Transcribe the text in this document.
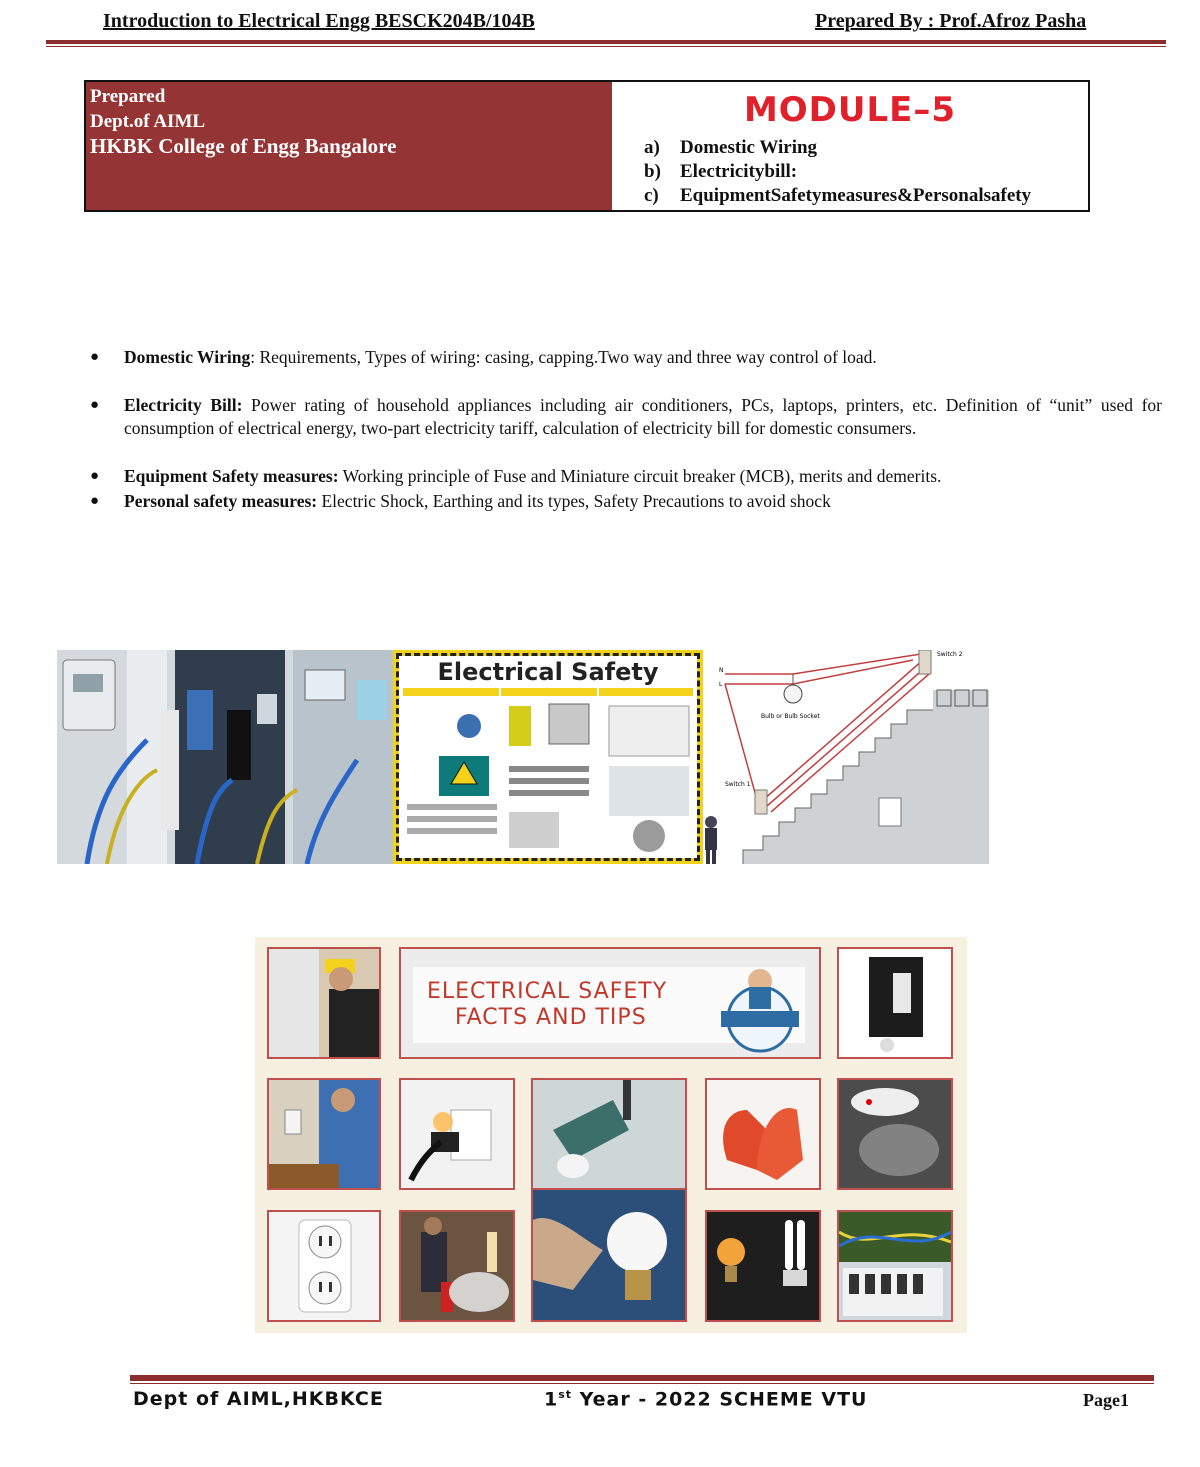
Introduction to Electrical Engg BESCK204B/104B	Prepared By : Prof.Afroz Pasha
Prepared
Dept.of AIML
HKBK College of Engg Bangalore
MODULE–5
a)	Domestic Wiring
b)	Electricitybill:
c)	EquipmentSafetymeasures&Personalsafety
●	Domestic Wiring: Requirements, Types of wiring: casing, capping.Two way and three way control of load.
●	Electricity Bill: Power rating of household appliances including air conditioners, PCs, laptops, printers, etc. Definition of “unit” used for consumption of electrical energy, two-part electricity tariff, calculation of electricity bill for domestic consumers.
●	Equipment Safety measures: Working principle of Fuse and Miniature circuit breaker (MCB), merits and demerits.
●	Personal safety measures: Electric Shock, Earthing and its types, Safety Precautions to avoid shock
Electrical Safety	N
L
Switch 2
Switch 1
Bulb or Bulb Socket
ELECTRICAL SAFETY
FACTS AND TIPS
Dept of AIML,HKBKCE	1st Year - 2022 SCHEME VTU	Page1
